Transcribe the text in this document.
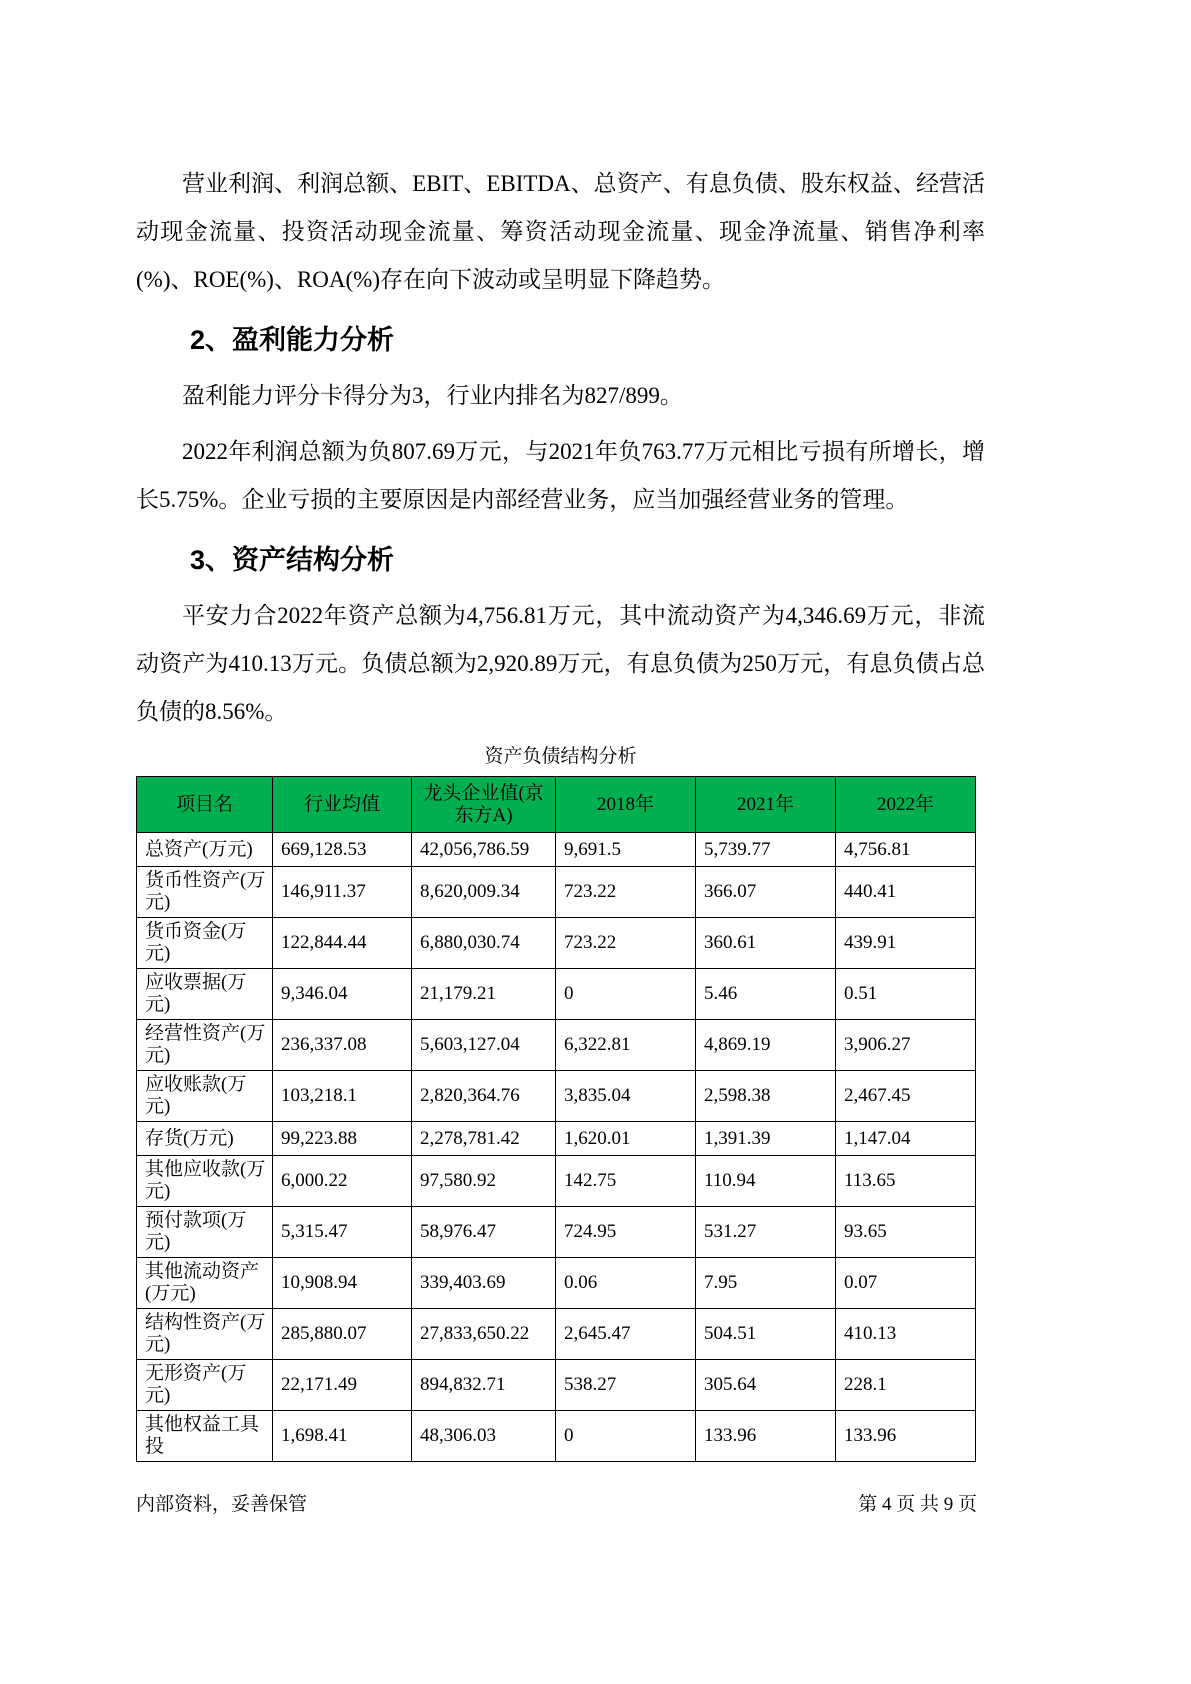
营业利润、利润总额、EBIT、EBITDA、总资产、有息负债、股东权益、经营活动现金流量、投资活动现金流量、筹资活动现金流量、现金净流量、销售净利率(%)、ROE(%)、ROA(%)存在向下波动或呈明显下降趋势。

2、盈利能力分析

盈利能力评分卡得分为3，行业内排名为827/899。

2022年利润总额为负807.69万元，与2021年负763.77万元相比亏损有所增长，增长5.75%。企业亏损的主要原因是内部经营业务，应当加强经营业务的管理。

3、资产结构分析

平安力合2022年资产总额为4,756.81万元，其中流动资产为4,346.69万元，非流动资产为410.13万元。负债总额为2,920.89万元，有息负债为250万元，有息负债占总负债的8.56%。

资产负债结构分析
项目名	行业均值	龙头企业值(京东方A)	2018年	2021年	2022年
总资产(万元)	669,128.53	42,056,786.59	9,691.5	5,739.77	4,756.81
货币性资产(万元)	146,911.37	8,620,009.34	723.22	366.07	440.41
货币资金(万元)	122,844.44	6,880,030.74	723.22	360.61	439.91
应收票据(万元)	9,346.04	21,179.21	0	5.46	0.51
经营性资产(万元)	236,337.08	5,603,127.04	6,322.81	4,869.19	3,906.27
应收账款(万元)	103,218.1	2,820,364.76	3,835.04	2,598.38	2,467.45
存货(万元)	99,223.88	2,278,781.42	1,620.01	1,391.39	1,147.04
其他应收款(万元)	6,000.22	97,580.92	142.75	110.94	113.65
预付款项(万元)	5,315.47	58,976.47	724.95	531.27	93.65
其他流动资产(万元)	10,908.94	339,403.69	0.06	7.95	0.07
结构性资产(万元)	285,880.07	27,833,650.22	2,645.47	504.51	410.13
无形资产(万元)	22,171.49	894,832.71	538.27	305.64	228.1
其他权益工具投	1,698.41	48,306.03	0	133.96	133.96
内部资料，妥善保管	第 4 页 共 9 页
